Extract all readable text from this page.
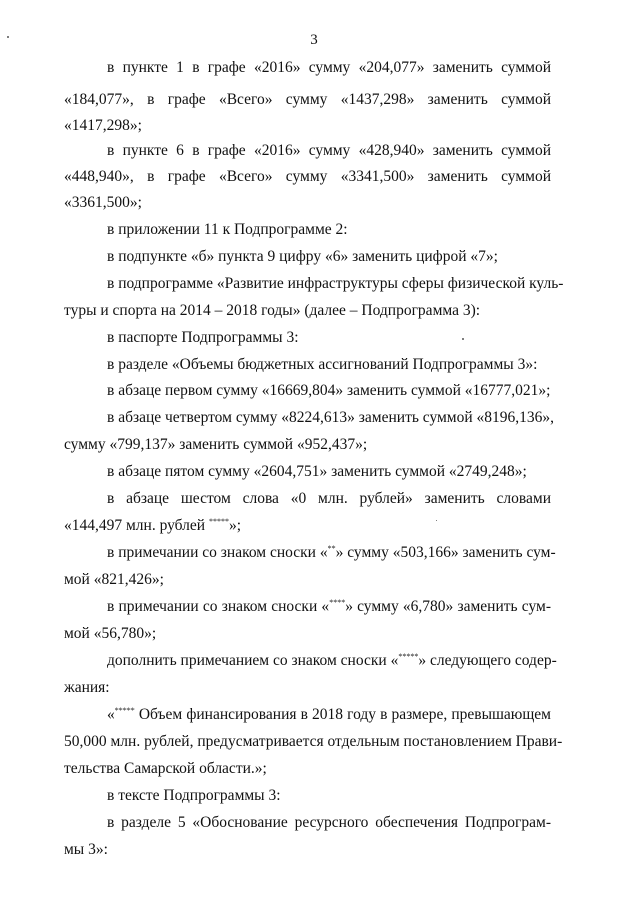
3
в пункте 1 в графе «2016» сумму «204,077» заменить суммой
«184,077», в графе «Всего» сумму «1437,298» заменить суммой
«1417,298»;
в пункте 6 в графе «2016» сумму «428,940» заменить суммой
«448,940», в графе «Всего» сумму «3341,500» заменить суммой
«3361,500»;
в приложении 11 к Подпрограмме 2:
в подпункте «б» пункта 9 цифру «6» заменить цифрой «7»;
в подпрограмме «Развитие инфраструктуры сферы физической куль-
туры и спорта на 2014 – 2018 годы» (далее – Подпрограмма 3):
в паспорте Подпрограммы 3:
в разделе «Объемы бюджетных ассигнований Подпрограммы 3»:
в абзаце первом сумму «16669,804» заменить суммой «16777,021»;
в абзаце четвертом сумму «8224,613» заменить суммой «8196,136»,
сумму «799,137» заменить суммой «952,437»;
в абзаце пятом сумму «2604,751» заменить суммой «2749,248»;
в абзаце шестом слова «0 млн. рублей» заменить словами
«144,497 млн. рублей *****»;
в примечании со знаком сноски «**» сумму «503,166» заменить сум-
мой «821,426»;
в примечании со знаком сноски «****» сумму «6,780» заменить сум-
мой «56,780»;
дополнить примечанием со знаком сноски «*****» следующего содер-
жания:
«***** Объем финансирования в 2018 году в размере, превышающем
50,000 млн. рублей, предусматривается отдельным постановлением Прави-
тельства Самарской области.»;
в тексте Подпрограммы 3:
в разделе 5 «Обоснование ресурсного обеспечения Подпрограм-
мы 3»:
